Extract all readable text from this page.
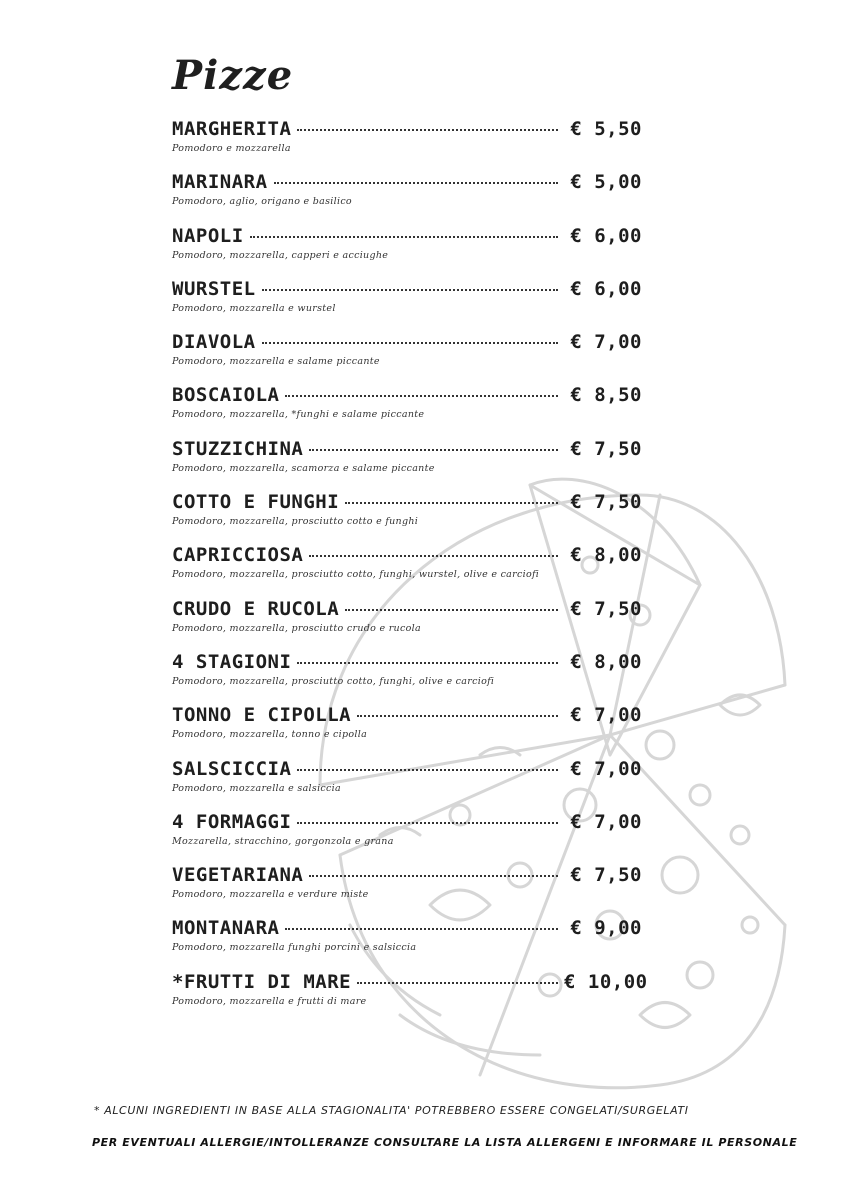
Pizze
MARGHERITA	€ 5,50
Pomodoro e mozzarella
MARINARA	€ 5,00
Pomodoro, aglio, origano e basilico
NAPOLI	€ 6,00
Pomodoro, mozzarella, capperi e acciughe
WURSTEL	€ 6,00
Pomodoro, mozzarella e wurstel
DIAVOLA	€ 7,00
Pomodoro, mozzarella e salame piccante
BOSCAIOLA	€ 8,50
Pomodoro, mozzarella, *funghi e salame piccante
STUZZICHINA	€ 7,50
Pomodoro, mozzarella, scamorza e salame piccante
COTTO E FUNGHI	€ 7,50
Pomodoro, mozzarella, prosciutto cotto e funghi
CAPRICCIOSA	€ 8,00
Pomodoro, mozzarella, prosciutto cotto, funghi, wurstel, olive e carciofi
CRUDO E RUCOLA	€ 7,50
Pomodoro, mozzarella, prosciutto crudo e rucola
4 STAGIONI	€ 8,00
Pomodoro, mozzarella, prosciutto cotto, funghi, olive e carciofi
TONNO E CIPOLLA	€ 7,00
Pomodoro, mozzarella, tonno e cipolla
SALSCICCIA	€ 7,00
Pomodoro, mozzarella e salsiccia
4 FORMAGGI	€ 7,00
Mozzarella, stracchino, gorgonzola e grana
VEGETARIANA	€ 7,50
Pomodoro, mozzarella e verdure miste
MONTANARA	€ 9,00
Pomodoro, mozzarella funghi porcini e salsiccia
*FRUTTI DI MARE	€ 10,00
Pomodoro, mozzarella e frutti di mare
* ALCUNI INGREDIENTI IN BASE ALLA STAGIONALITA' POTREBBERO ESSERE CONGELATI/SURGELATI
PER EVENTUALI ALLERGIE/INTOLLERANZE CONSULTARE LA LISTA ALLERGENI E INFORMARE IL PERSONALE
